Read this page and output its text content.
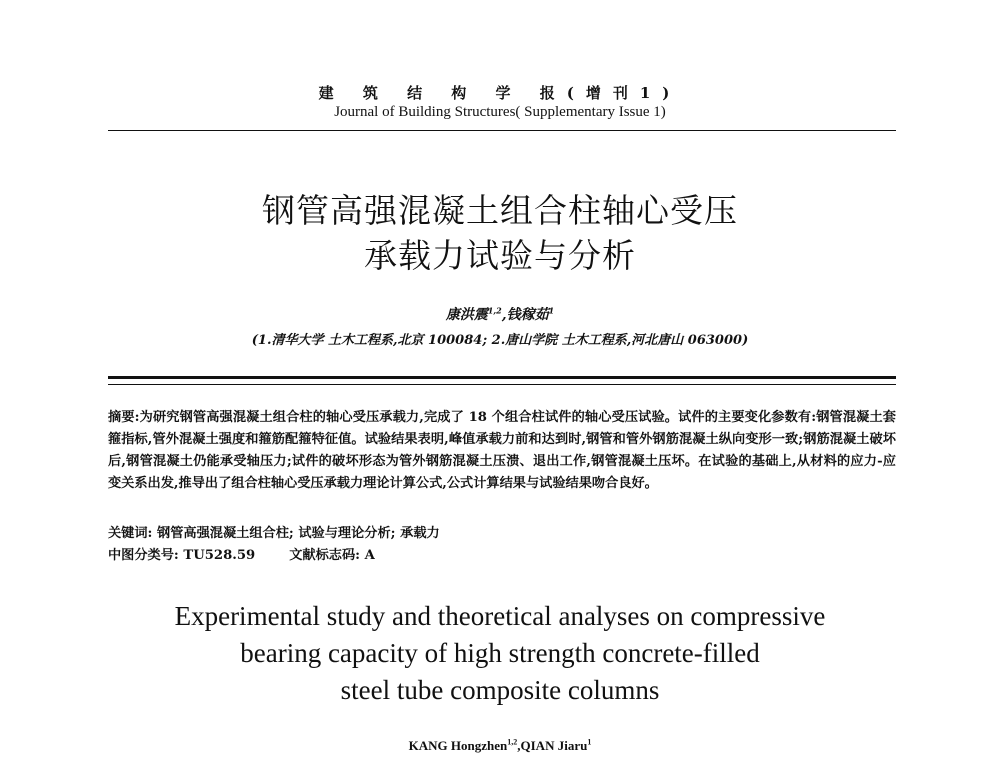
建 筑 结 构 学 报(增刊1)
Journal of Building Structures( Supplementary Issue 1)
钢管高强混凝土组合柱轴心受压
承载力试验与分析
康洪震$^{1,2}$,钱稼茹$^1$
(1.清华大学 土木工程系,北京 100084; 2.唐山学院 土木工程系,河北唐山 063000)
摘要:为研究钢管高强混凝土组合柱的轴心受压承载力,完成了 18 个组合柱试件的轴心受压试验。试件的主要变化参数有:钢管混凝土套箍指标,管外混凝土强度和箍筋配箍特征值。试验结果表明,峰值承载力前和达到时,钢管和管外钢筋混凝土纵向变形一致;钢筋混凝土破坏后,钢管混凝土仍能承受轴压力;试件的破坏形态为管外钢筋混凝土压溃、退出工作,钢管混凝土压坏。在试验的基础上,从材料的应力-应变关系出发,推导出了组合柱轴心受压承载力理论计算公式,公式计算结果与试验结果吻合良好。
关键词: 钢管高强混凝土组合柱; 试验与理论分析; 承载力
中图分类号: TU528.59	文献标志码: A
Experimental study and theoretical analyses on compressive
bearing capacity of high strength concrete-filled
steel tube composite columns
KANG Hongzhen$^{1,2}$,QIAN Jiaru$^1$
